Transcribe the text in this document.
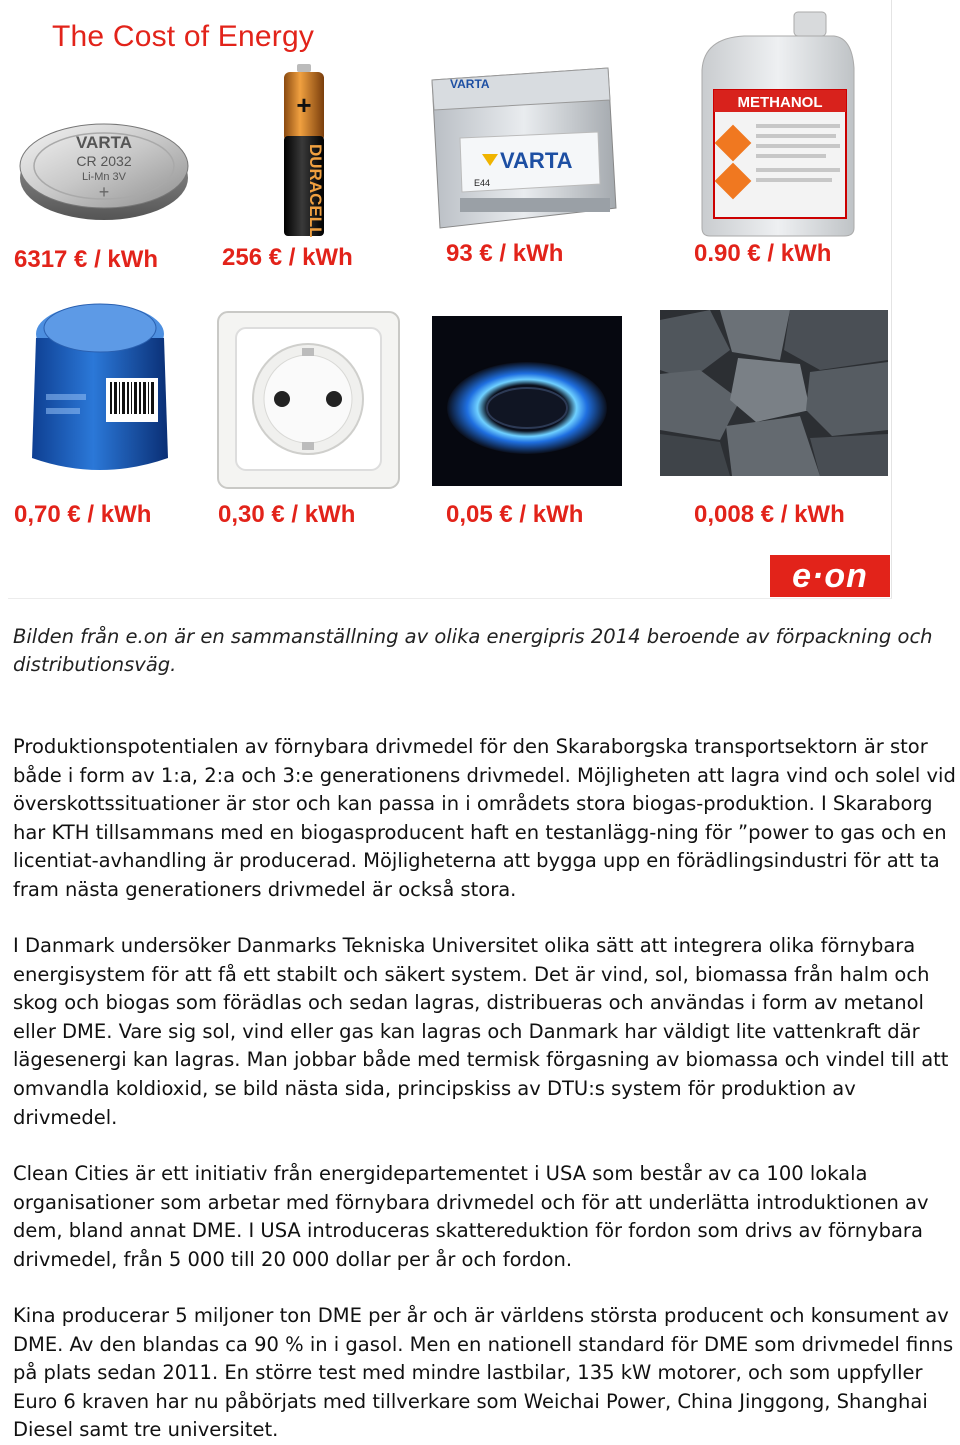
The Cost of Energy
VARTA
CR 2032
Li-Mn 3V
+
+
DURACELL
VARTA
VARTA
E44
METHANOL
6317 € / kWh	256 € / kWh	93 € / kWh	0.90 € / kWh
0,70 € / kWh	0,30 € / kWh	0,05 € / kWh	0,008 € / kWh
e·on
Bilden från e.on är en sammanställning av olika energipris 2014 beroende av förpackning och distributionsväg.

Produktionspotentialen av förnybara drivmedel för den Skaraborgska transportsektorn är stor både i form av 1:a, 2:a och 3:e generationens drivmedel. Möjligheten att lagra vind och solel vid överskottssituationer är stor och kan passa in i områdets stora biogas-produktion. I Skaraborg har KTH tillsammans med en biogasproducent haft en testanlägg-ning för ”power to gas och en licentiat-avhandling är producerad. Möjligheterna att bygga upp en förädlingsindustri för att ta fram nästa generationers drivmedel är också stora.

I Danmark undersöker Danmarks Tekniska Universitet olika sätt att integrera olika förnybara energisystem för att få ett stabilt och säkert system. Det är vind, sol, biomassa från halm och skog och biogas som förädlas och sedan lagras, distribueras och användas i form av metanol eller DME. Vare sig sol, vind eller gas kan lagras och Danmark har väldigt lite vattenkraft där lägesenergi kan lagras. Man jobbar både med termisk förgasning av biomassa och vindel till att omvandla koldioxid, se bild nästa sida, principskiss av DTU:s system för produktion av drivmedel.

Clean Cities är ett initiativ från energidepartementet i USA som består av ca 100 lokala organisationer som arbetar med förnybara drivmedel och för att underlätta introduktionen av dem, bland annat DME. I USA introduceras skattereduktion för fordon som drivs av förnybara drivmedel, från 5 000 till 20 000 dollar per år och fordon.

Kina producerar 5 miljoner ton DME per år och är världens största producent och konsument av DME. Av den blandas ca 90 % in i gasol. Men en nationell standard för DME som drivmedel finns på plats sedan 2011. En större test med mindre lastbilar, 135 kW motorer, och som uppfyller Euro 6 kraven har nu påbörjats med tillverkare som Weichai Power, China Jinggong, Shanghai Diesel samt tre universitet.
